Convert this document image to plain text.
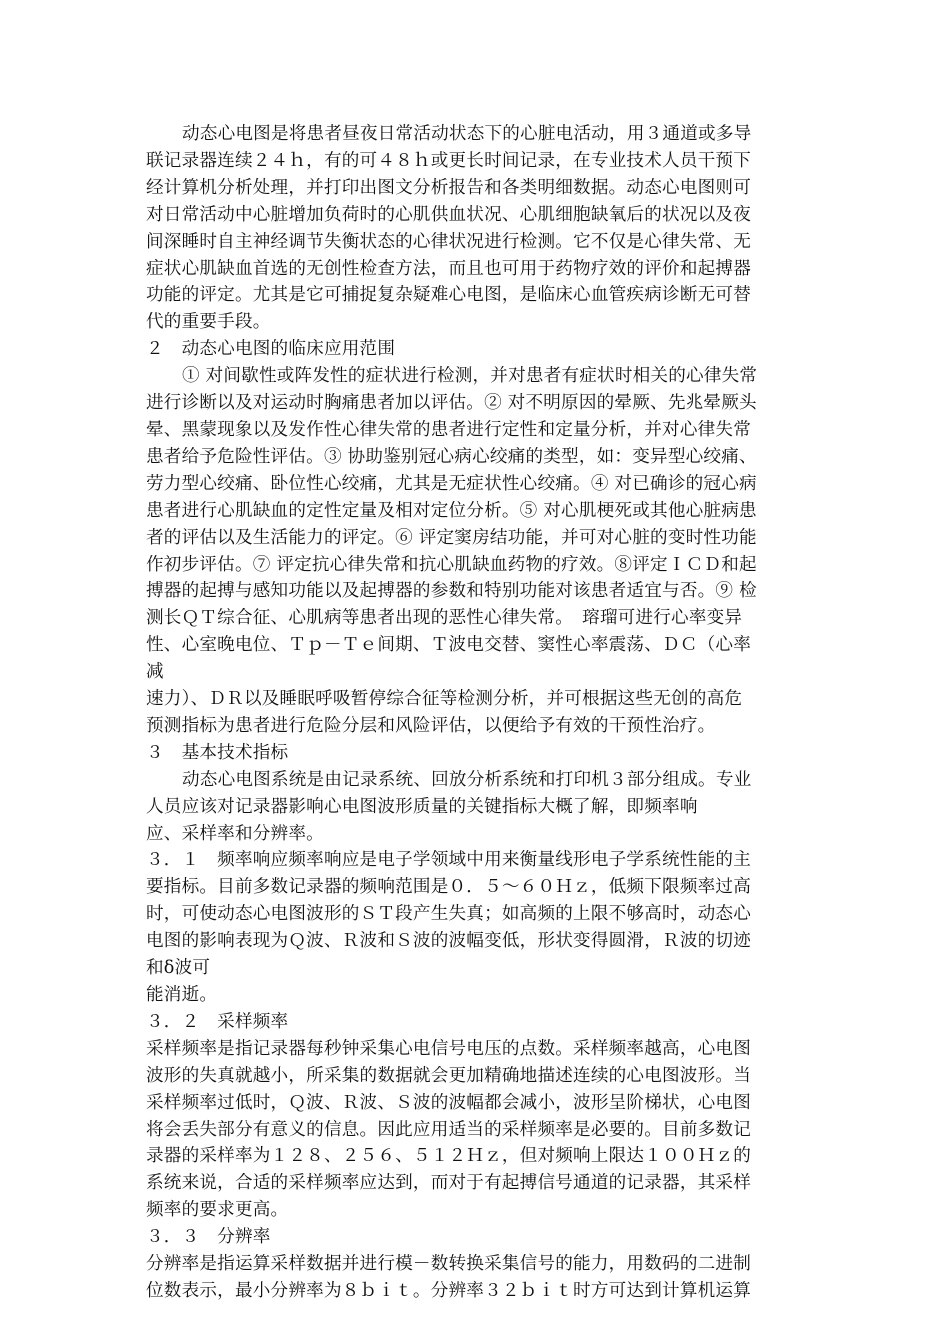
动态心电图是将患者昼夜日常活动状态下的心脏电活动，用３通道或多导
联记录器连续２４ｈ，有的可４８ｈ或更长时间记录，在专业技术人员干预下
经计算机分析处理，并打印出图文分析报告和各类明细数据。动态心电图则可
对日常活动中心脏增加负荷时的心肌供血状况、心肌细胞缺氧后的状况以及夜
间深睡时自主神经调节失衡状态的心律状况进行检测。它不仅是心律失常、无
症状心肌缺血首选的无创性检查方法，而且也可用于药物疗效的评价和起搏器
功能的评定。尤其是它可捕捉复杂疑难心电图，是临床心血管疾病诊断无可替
代的重要手段。
２　动态心电图的临床应用范围
① 对间歇性或阵发性的症状进行检测，并对患者有症状时相关的心律失常
进行诊断以及对运动时胸痛患者加以评估。② 对不明原因的晕厥、先兆晕厥头
晕、黑蒙现象以及发作性心律失常的患者进行定性和定量分析，并对心律失常
患者给予危险性评估。③ 协助鉴别冠心病心绞痛的类型，如：变异型心绞痛、
劳力型心绞痛、卧位性心绞痛，尤其是无症状性心绞痛。④ 对已确诊的冠心病
患者进行心肌缺血的定性定量及相对定位分析。⑤ 对心肌梗死或其他心脏病患
者的评估以及生活能力的评定。⑥ 评定窦房结功能，并可对心脏的变时性功能
作初步评估。⑦ 评定抗心律失常和抗心肌缺血药物的疗效。⑧评定ＩＣＤ和起
搏器的起搏与感知功能以及起搏器的参数和特别功能对该患者适宜与否。⑨ 检
测长ＱＴ综合征、心肌病等患者出现的恶性心律失常。　瑢瑠可进行心率变异
性、心室晚电位、Ｔｐ－Ｔｅ间期、Ｔ波电交替、窦性心率震荡、ＤＣ（心率
减
速力）、ＤＲ以及睡眠呼吸暂停综合征等检测分析，并可根据这些无创的高危
预测指标为患者进行危险分层和风险评估，以便给予有效的干预性治疗。
３　基本技术指标
动态心电图系统是由记录系统、回放分析系统和打印机３部分组成。专业
人员应该对记录器影响心电图波形质量的关键指标大概了解，即频率响
应、采样率和分辨率。
３．１　频率响应频率响应是电子学领域中用来衡量线形电子学系统性能的主
要指标。目前多数记录器的频响范围是０．５～６０Ｈｚ，低频下限频率过高
时，可使动态心电图波形的ＳＴ段产生失真；如高频的上限不够高时，动态心
电图的影响表现为Ｑ波、Ｒ波和Ｓ波的波幅变低，形状变得圆滑，Ｒ波的切迹
和δ波可
能消逝。
３．２　采样频率
采样频率是指记录器每秒钟采集心电信号电压的点数。采样频率越高，心电图
波形的失真就越小，所采集的数据就会更加精确地描述连续的心电图波形。当
采样频率过低时，Ｑ波、Ｒ波、Ｓ波的波幅都会减小，波形呈阶梯状，心电图
将会丢失部分有意义的信息。因此应用适当的采样频率是必要的。目前多数记
录器的采样率为１２８、２５６、５１２Ｈｚ，但对频响上限达１００Ｈｚ的
系统来说，合适的采样频率应达到，而对于有起搏信号通道的记录器，其采样
频率的要求更高。
３．３　分辨率
分辨率是指运算采样数据并进行模－数转换采集信号的能力，用数码的二进制
位数表示，最小分辨率为８ｂｉｔ。分辨率３２ｂｉｔ时方可达到计算机运算
